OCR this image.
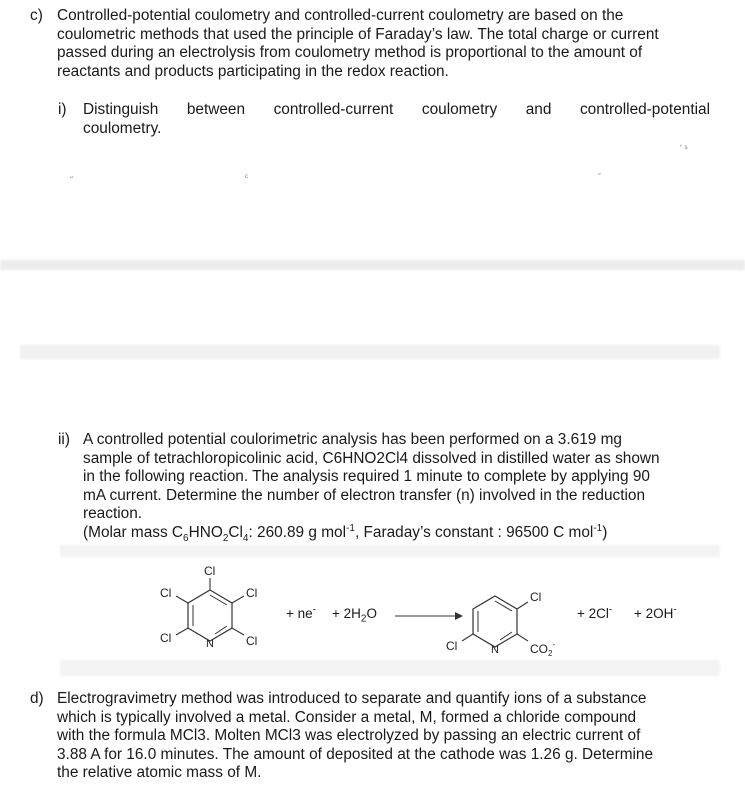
ᵕ	ᶜ	ˇ
‘ ˢ
c) Controlled-potential coulometry and controlled-current coulometry are based on the
coulometric methods that used the principle of Faraday’s law. The total charge or current
passed during an electrolysis from coulometry method is proportional to the amount of
reactants and products participating in the redox reaction.
i) Distinguish between controlled-current coulometry and controlled-potential
coulometry.
ii) A controlled potential coulorimetric analysis has been performed on a 3.619 mg
sample of tetrachloropicolinic acid, C6HNO2Cl4 dissolved in distilled water as shown
in the following reaction. The analysis required 1 minute to complete by applying 90
mA current. Determine the number of electron transfer (n) involved in the reduction
reaction.
(Molar mass $C_6HNO_2Cl_4$: 260.89 g mol$^{-1}$, Faraday’s constant : 96500 C mol$^{-1}$)
Cl
Cl	Cl
Cl	N	Cl
+ $ne^- + 2H_2O$
Cl
Cl	N	$CO_2^-$
+ 2Cl- + 2OH-
d) Electrogravimetry method was introduced to separate and quantify ions of a substance
which is typically involved a metal. Consider a metal, M, formed a chloride compound
with the formula MCl3. Molten MCl3 was electrolyzed by passing an electric current of
3.88 A for 16.0 minutes. The amount of deposited at the cathode was 1.26 g. Determine
the relative atomic mass of M.
